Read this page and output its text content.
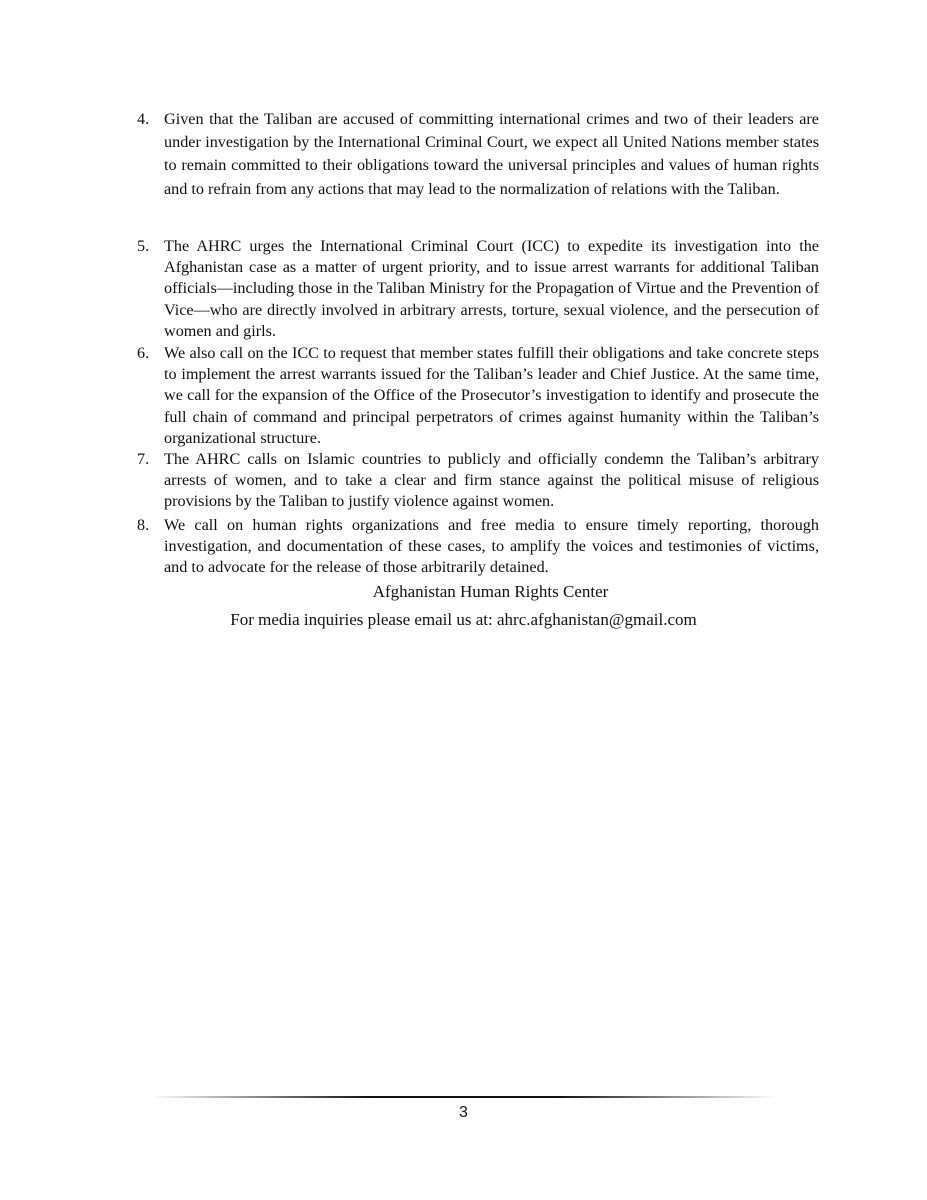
4. Given that the Taliban are accused of committing international crimes and two of their leaders are under investigation by the International Criminal Court, we expect all United Nations member states to remain committed to their obligations toward the universal principles and values of human rights and to refrain from any actions that may lead to the normalization of relations with the Taliban.
5. The AHRC urges the International Criminal Court (ICC) to expedite its investigation into the Afghanistan case as a matter of urgent priority, and to issue arrest warrants for additional Taliban officials—including those in the Taliban Ministry for the Propagation of Virtue and the Prevention of Vice—who are directly involved in arbitrary arrests, torture, sexual violence, and the persecution of women and girls.
6. We also call on the ICC to request that member states fulfill their obligations and take concrete steps to implement the arrest warrants issued for the Taliban’s leader and Chief Justice. At the same time, we call for the expansion of the Office of the Prosecutor’s investigation to identify and prosecute the full chain of command and principal perpetrators of crimes against humanity within the Taliban’s organizational structure.
7. The AHRC calls on Islamic countries to publicly and officially condemn the Taliban’s arbitrary arrests of women, and to take a clear and firm stance against the political misuse of religious provisions by the Taliban to justify violence against women.
8. We call on human rights organizations and free media to ensure timely reporting, thorough investigation, and documentation of these cases, to amplify the voices and testimonies of victims, and to advocate for the release of those arbitrarily detained.
Afghanistan Human Rights Center
For media inquiries please email us at: ahrc.afghanistan@gmail.com
3
